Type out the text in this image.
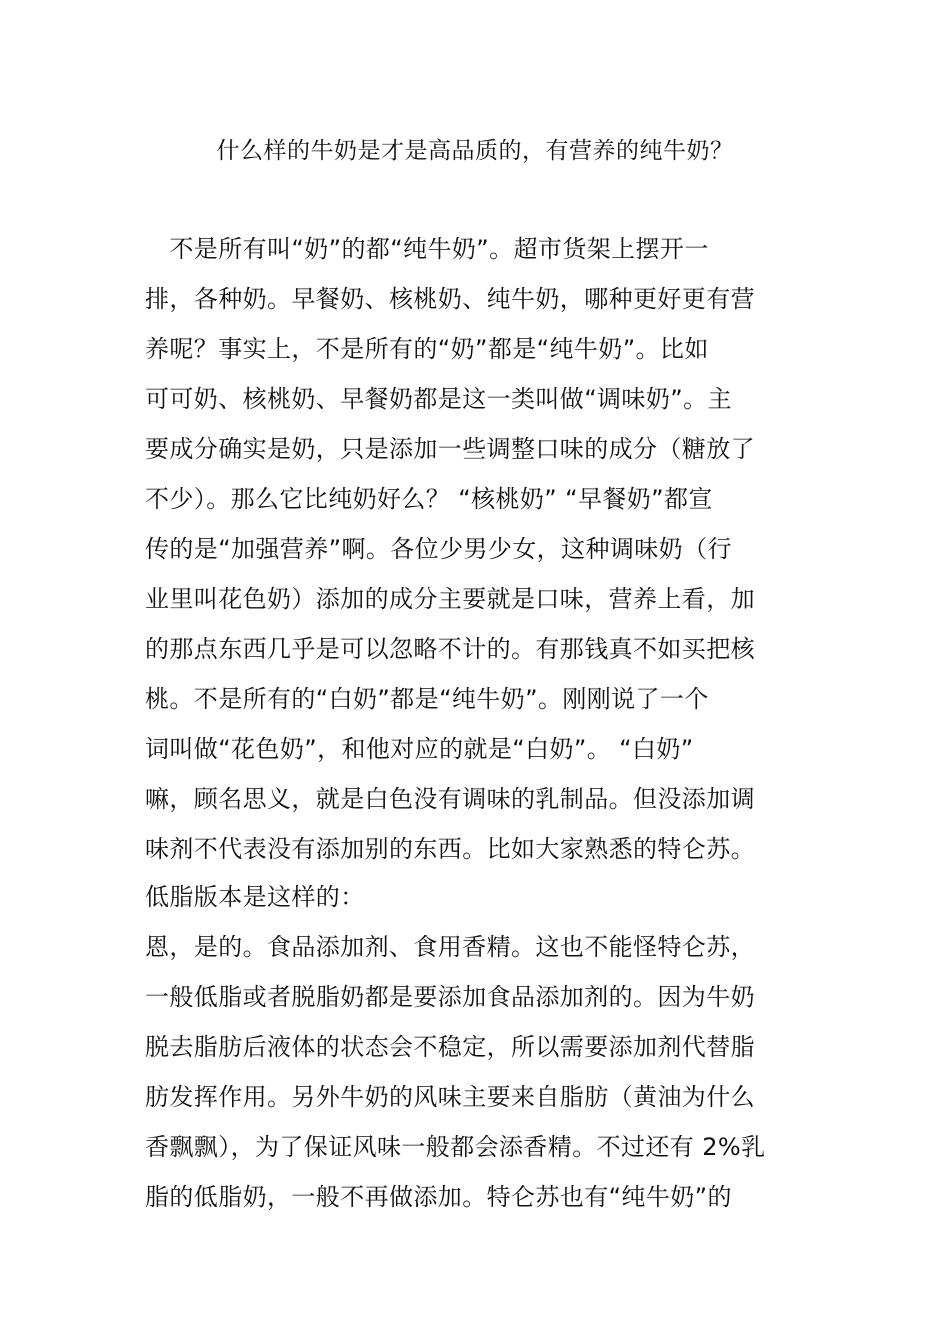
什么样的牛奶是才是高品质的，有营养的纯牛奶？
　不是所有叫“奶”的都“纯牛奶”。超市货架上摆开一
排，各种奶。早餐奶、核桃奶、纯牛奶，哪种更好更有营
养呢？事实上，不是所有的“奶”都是“纯牛奶”。比如
可可奶、核桃奶、早餐奶都是这一类叫做“调味奶”。主
要成分确实是奶，只是添加一些调整口味的成分（糖放了
不少）。那么它比纯奶好么？ “核桃奶” “早餐奶”都宣
传的是“加强营养”啊。各位少男少女，这种调味奶（行
业里叫花色奶）添加的成分主要就是口味，营养上看，加
的那点东西几乎是可以忽略不计的。有那钱真不如买把核
桃。不是所有的“白奶”都是“纯牛奶”。刚刚说了一个
词叫做“花色奶”，和他对应的就是“白奶”。 “白奶”
嘛，顾名思义，就是白色没有调味的乳制品。但没添加调
味剂不代表没有添加别的东西。比如大家熟悉的特仑苏。
低脂版本是这样的：
恩，是的。食品添加剂、食用香精。这也不能怪特仑苏，
一般低脂或者脱脂奶都是要添加食品添加剂的。因为牛奶
脱去脂肪后液体的状态会不稳定，所以需要添加剂代替脂
肪发挥作用。另外牛奶的风味主要来自脂肪（黄油为什么
香飘飘），为了保证风味一般都会添香精。不过还有 2%乳
脂的低脂奶，一般不再做添加。特仑苏也有“纯牛奶”的
